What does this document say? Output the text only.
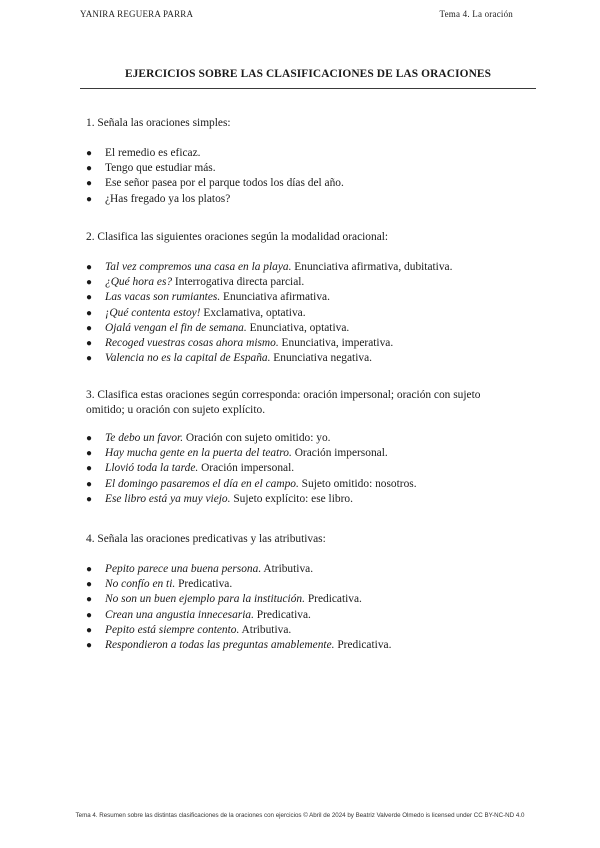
YANIRA REGUERA PARRA	Tema 4. La oración
EJERCICIOS SOBRE LAS CLASIFICACIONES DE LAS ORACIONES

1. Señala las oraciones simples:

● El remedio es eficaz.
● Tengo que estudiar más.
● Ese señor pasea por el parque todos los días del año.
● ¿Has fregado ya los platos?

2. Clasifica las siguientes oraciones según la modalidad oracional:

● Tal vez compremos una casa en la playa. Enunciativa afirmativa, dubitativa.
● ¿Qué hora es? Interrogativa directa parcial.
● Las vacas son rumiantes. Enunciativa afirmativa.
● ¡Qué contenta estoy! Exclamativa, optativa.
● Ojalá vengan el fin de semana. Enunciativa, optativa.
● Recoged vuestras cosas ahora mismo. Enunciativa, imperativa.
● Valencia no es la capital de España. Enunciativa negativa.

3. Clasifica estas oraciones según corresponda: oración impersonal; oración con sujeto omitido; u oración con sujeto explícito.

● Te debo un favor. Oración con sujeto omitido: yo.
● Hay mucha gente en la puerta del teatro. Oración impersonal.
● Llovió toda la tarde. Oración impersonal.
● El domingo pasaremos el día en el campo. Sujeto omitido: nosotros.
● Ese libro está ya muy viejo. Sujeto explícito: ese libro.

4. Señala las oraciones predicativas y las atributivas:

● Pepito parece una buena persona. Atributiva.
● No confío en ti. Predicativa.
● No son un buen ejemplo para la institución. Predicativa.
● Crean una angustia innecesaria. Predicativa.
● Pepito está siempre contento. Atributiva.
● Respondieron a todas las preguntas amablemente. Predicativa.
Tema 4. Resumen sobre las distintas clasificaciones de la oraciones con ejercicios © Abril de 2024 by Beatriz Valverde Olmedo is licensed under CC BY-NC-ND 4.0
